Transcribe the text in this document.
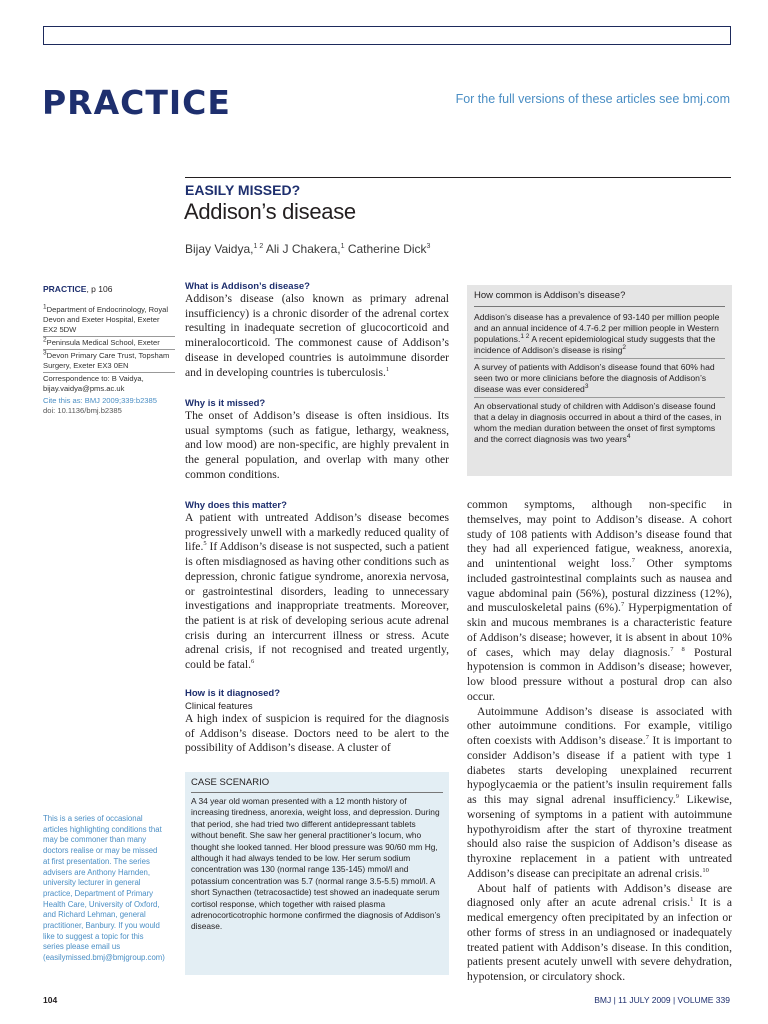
PRACTICE	For the full versions of these articles see bmj.com
EASILY MISSED?
Addison’s disease
Bijay Vaidya,$^{1 2}$ Ali J Chakera,$^1$ Catherine Dick$^3$
PRACTICE, p 106
$^1$Department of Endocrinology, Royal Devon and Exeter Hospital, Exeter EX2 5DW
$^2$Peninsula Medical School, Exeter
$^3$Devon Primary Care Trust, Topsham Surgery, Exeter EX3 0EN
Correspondence to: B Vaidya, bijay.vaidya@pms.ac.uk
Cite this as: BMJ 2009;339:b2385
doi: 10.1136/bmj.b2385
This is a series of occasional articles highlighting conditions that may be commoner than many doctors realise or may be missed at first presentation. The series advisers are Anthony Harnden, university lecturer in general practice, Department of Primary Health Care, University of Oxford, and Richard Lehman, general practitioner, Banbury. If you would like to suggest a topic for this series please email us (easilymissed.bmj@bmjgroup.com)

What is Addison’s disease?

Addison’s disease (also known as primary adrenal insufficiency) is a chronic disorder of the adrenal cortex resulting in inadequate secretion of glucocorticoid and mineralocorticoid. The commonest cause of Addison’s disease in developed countries is autoimmune disorder and in developing countries is tuberculosis.$^1$

Why is it missed?

The onset of Addison’s disease is often insidious. Its usual symptoms (such as fatigue, lethargy, weakness, and low mood) are non-specific, are highly prevalent in the general population, and overlap with many other common conditions.

Why does this matter?

A patient with untreated Addison’s disease becomes progressively unwell with a markedly reduced quality of life.$^5$ If Addison’s disease is not suspected, such a patient is often misdiagnosed as having other conditions such as depression, chronic fatigue syndrome, anorexia nervosa, or gastrointestinal disorders, leading to unnecessary investigations and inappropriate treatments. Moreover, the patient is at risk of developing serious acute adrenal crisis during an intercurrent illness or stress. Acute adrenal crisis, if not recognised and treated urgently, could be fatal.$^6$

How is it diagnosed?

Clinical features

A high index of suspicion is required for the diagnosis of Addison’s disease. Doctors need to be alert to the possibility of Addison’s disease. A cluster of

How common is Addison’s disease?
Addison’s disease has a prevalence of 93-140 per million people and an annual incidence of 4.7-6.2 per million people in Western populations.$^{1 2}$ A recent epidemiological study suggests that the incidence of Addison’s disease is rising$^2$
A survey of patients with Addison’s disease found that 60% had seen two or more clinicians before the diagnosis of Addison’s disease was ever considered$^3$
An observational study of children with Addison’s disease found that a delay in diagnosis occurred in about a third of the cases, in whom the median duration between the onset of first symptoms and the correct diagnosis was two years$^4$
CASE SCENARIO

A 34 year old woman presented with a 12 month history of increasing tiredness, anorexia, weight loss, and depression. During that period, she had tried two different antidepressant tablets without benefit. She saw her general practitioner’s locum, who thought she looked tanned. Her blood pressure was 90/60 mm Hg, although it had always tended to be low. Her serum sodium concentration was 130 (normal range 135-145) mmol/l and potassium concentration was 5.7 (normal range 3.5-5.5) mmol/l. A short Synacthen (tetracosactide) test showed an inadequate serum cortisol response, which together with raised plasma adrenocorticotrophic hormone confirmed the diagnosis of Addison’s disease.

common symptoms, although non-specific in themselves, may point to Addison’s disease. A cohort study of 108 patients with Addison’s disease found that they had all experienced fatigue, weakness, anorexia, and unintentional weight loss.$^7$ Other symptoms included gastrointestinal complaints such as nausea and vague abdominal pain (56%), postural dizziness (12%), and musculoskeletal pains (6%).$^7$ Hyperpigmentation of skin and mucous membranes is a characteristic feature of Addison’s disease; however, it is absent in about 10% of cases, which may delay diagnosis.$^{7 8}$ Postural hypotension is common in Addison’s disease; however, low blood pressure without a postural drop can also occur.

Autoimmune Addison’s disease is associated with other autoimmune conditions. For example, vitiligo often coexists with Addison’s disease.$^7$ It is important to consider Addison’s disease if a patient with type 1 diabetes starts developing unexplained recurrent hypoglycaemia or the patient’s insulin requirement falls as this may signal adrenal insufficiency.$^9$ Likewise, worsening of symptoms in a patient with autoimmune hypothyroidism after the start of thyroxine treatment should also raise the suspicion of Addison’s disease as thyroxine replacement in a patient with untreated Addison’s disease can precipitate an adrenal crisis.$^{10}$

About half of patients with Addison’s disease are diagnosed only after an acute adrenal crisis.$^1$ It is a medical emergency often precipitated by an infection or other forms of stress in an undiagnosed or inadequately treated patient with Addison’s disease. In this condition, patients present acutely unwell with severe dehydration, hypotension, or circulatory shock.

104	BMJ | 11 JULY 2009 | VOLUME 339
